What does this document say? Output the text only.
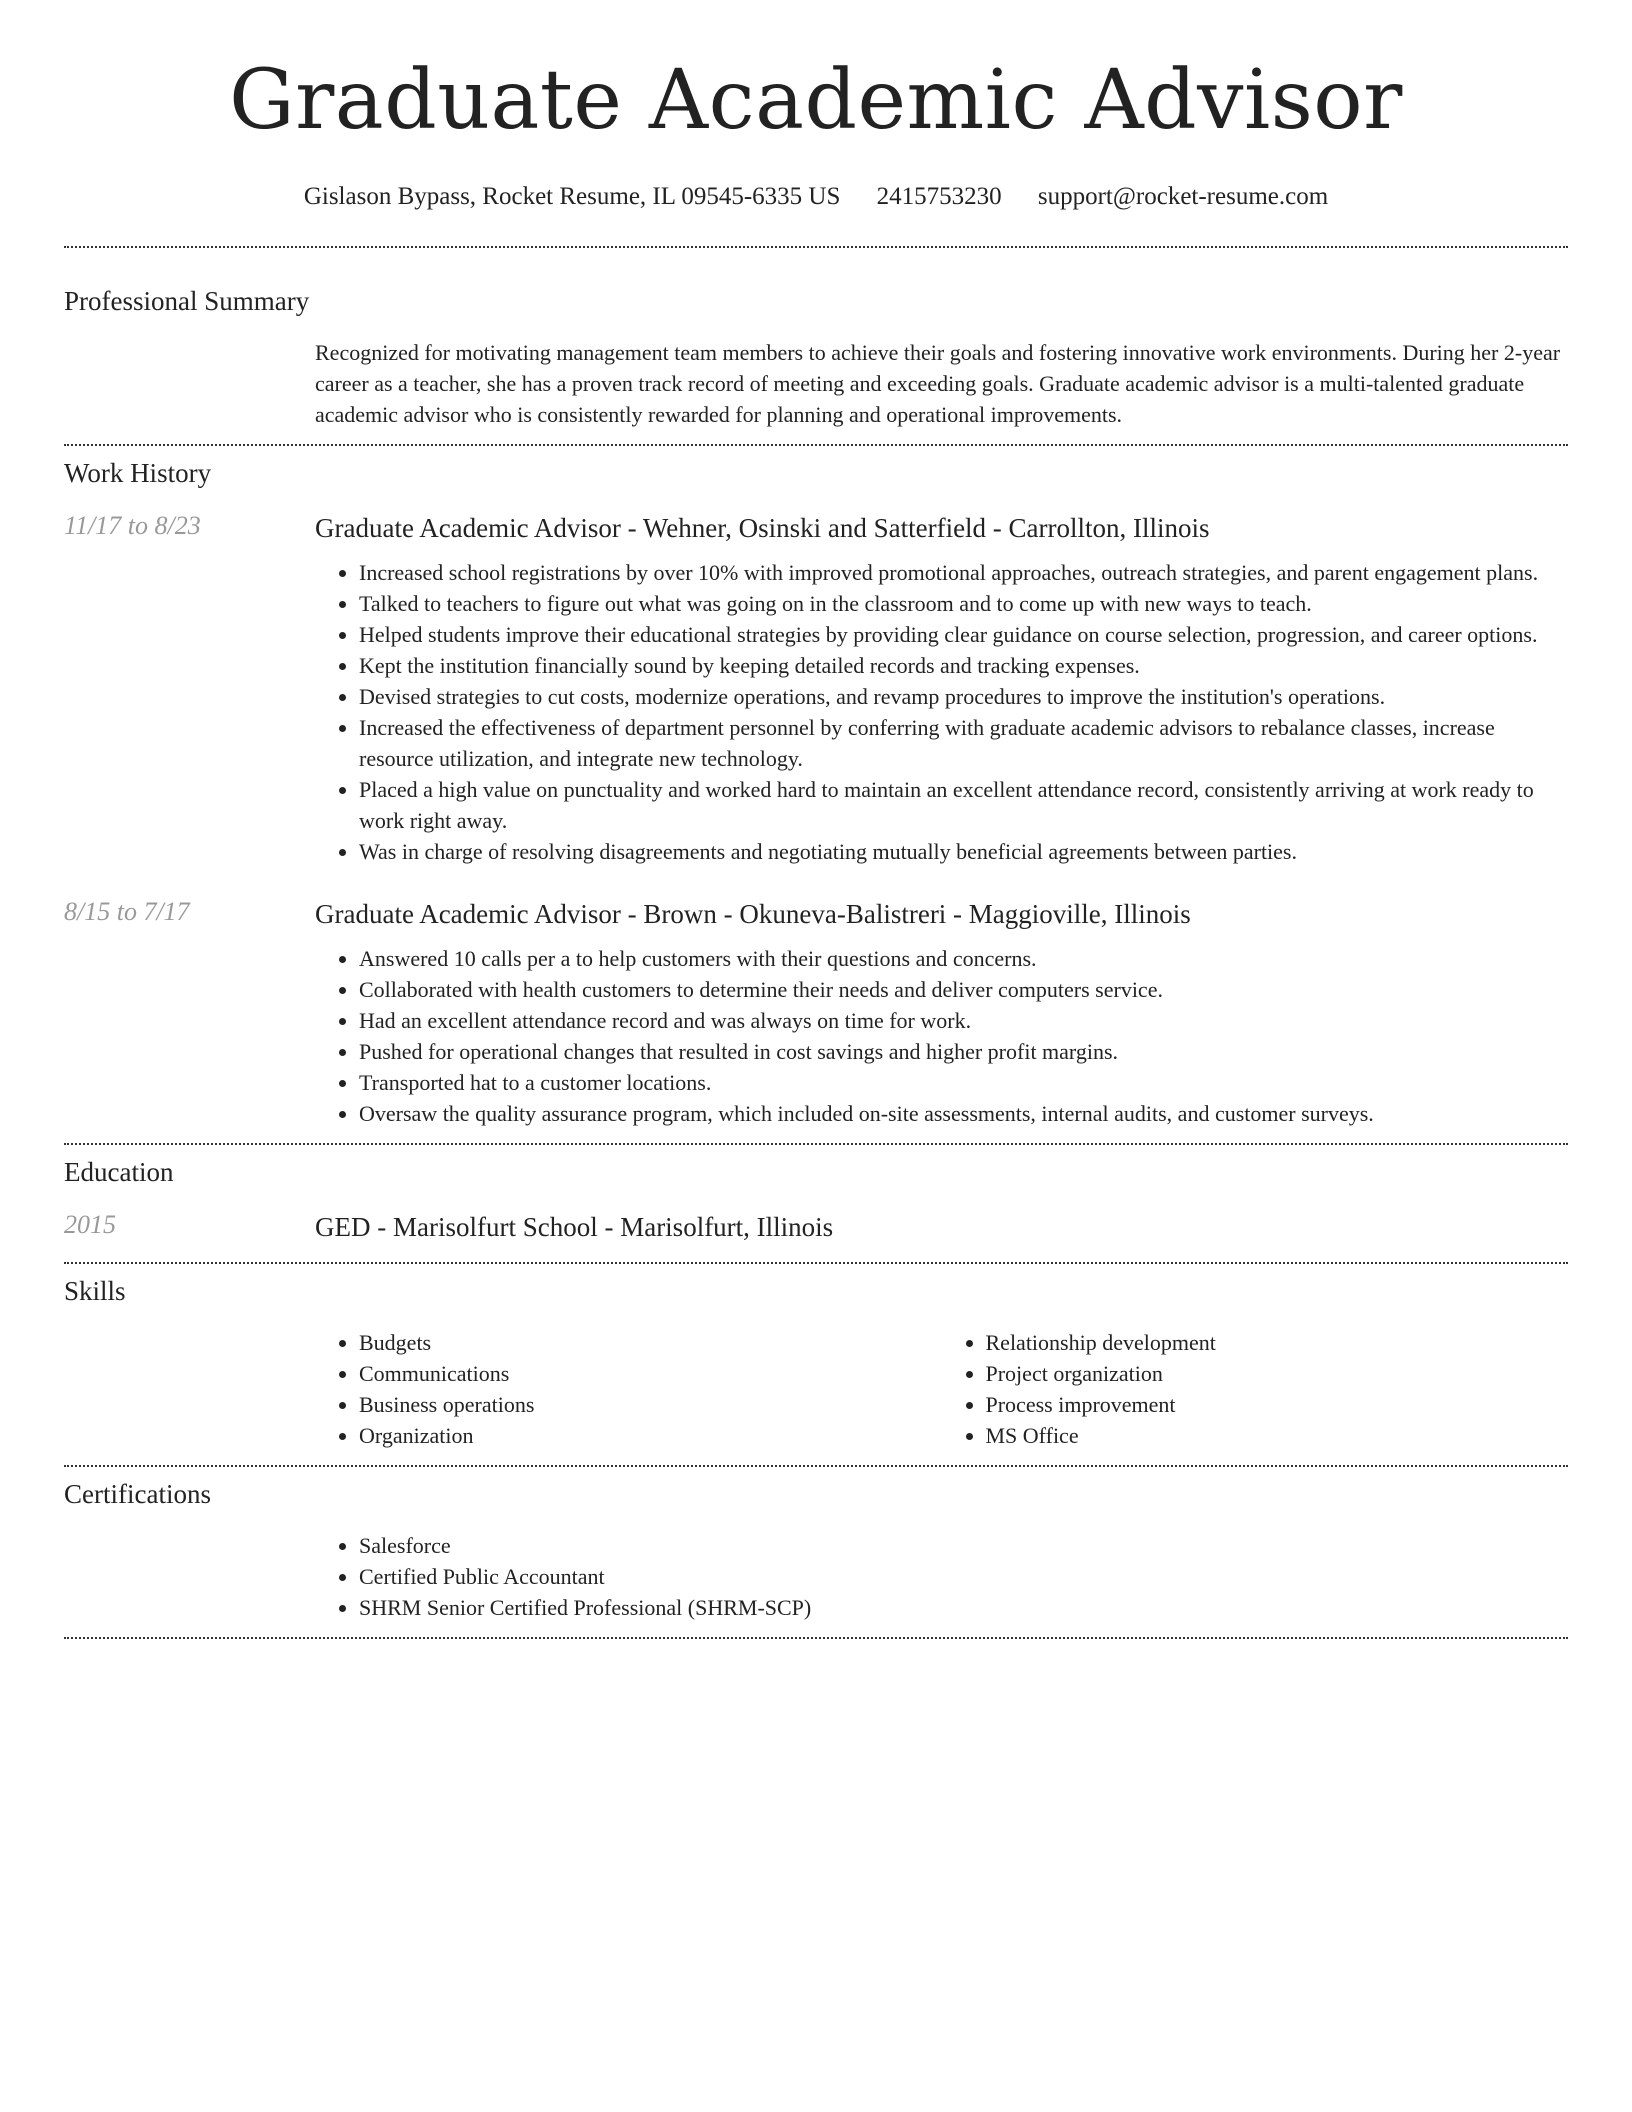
Graduate Academic Advisor
Gislason Bypass, Rocket Resume, IL 09545-6335 US 2415753230 support@rocket-resume.com
Professional Summary
Recognized for motivating management team members to achieve their goals and fostering innovative work environments. During her 2-year career as a teacher, she has a proven track record of meeting and exceeding goals. Graduate academic advisor is a multi-talented graduate academic advisor who is consistently rewarded for planning and operational improvements.
Work History
11/17 to 8/23	Graduate Academic Advisor - Wehner, Osinski and Satterfield - Carrollton, Illinois
• Increased school registrations by over 10% with improved promotional approaches, outreach strategies, and parent engagement plans.
• Talked to teachers to figure out what was going on in the classroom and to come up with new ways to teach.
• Helped students improve their educational strategies by providing clear guidance on course selection, progression, and career options.
• Kept the institution financially sound by keeping detailed records and tracking expenses.
• Devised strategies to cut costs, modernize operations, and revamp procedures to improve the institution's operations.
• Increased the effectiveness of department personnel by conferring with graduate academic advisors to rebalance classes, increase resource utilization, and integrate new technology.
• Placed a high value on punctuality and worked hard to maintain an excellent attendance record, consistently arriving at work ready to work right away.
• Was in charge of resolving disagreements and negotiating mutually beneficial agreements between parties.
8/15 to 7/17	Graduate Academic Advisor - Brown - Okuneva-Balistreri - Maggioville, Illinois
• Answered 10 calls per a to help customers with their questions and concerns.
• Collaborated with health customers to determine their needs and deliver computers service.
• Had an excellent attendance record and was always on time for work.
• Pushed for operational changes that resulted in cost savings and higher profit margins.
• Transported hat to a customer locations.
• Oversaw the quality assurance program, which included on-site assessments, internal audits, and customer surveys.
Education
2015	GED - Marisolfurt School - Marisolfurt, Illinois
Skills
• Budgets
• Communications
• Business operations
• Organization
• Relationship development
• Project organization
• Process improvement
• MS Office
Certifications
• Salesforce
• Certified Public Accountant
• SHRM Senior Certified Professional (SHRM-SCP)
